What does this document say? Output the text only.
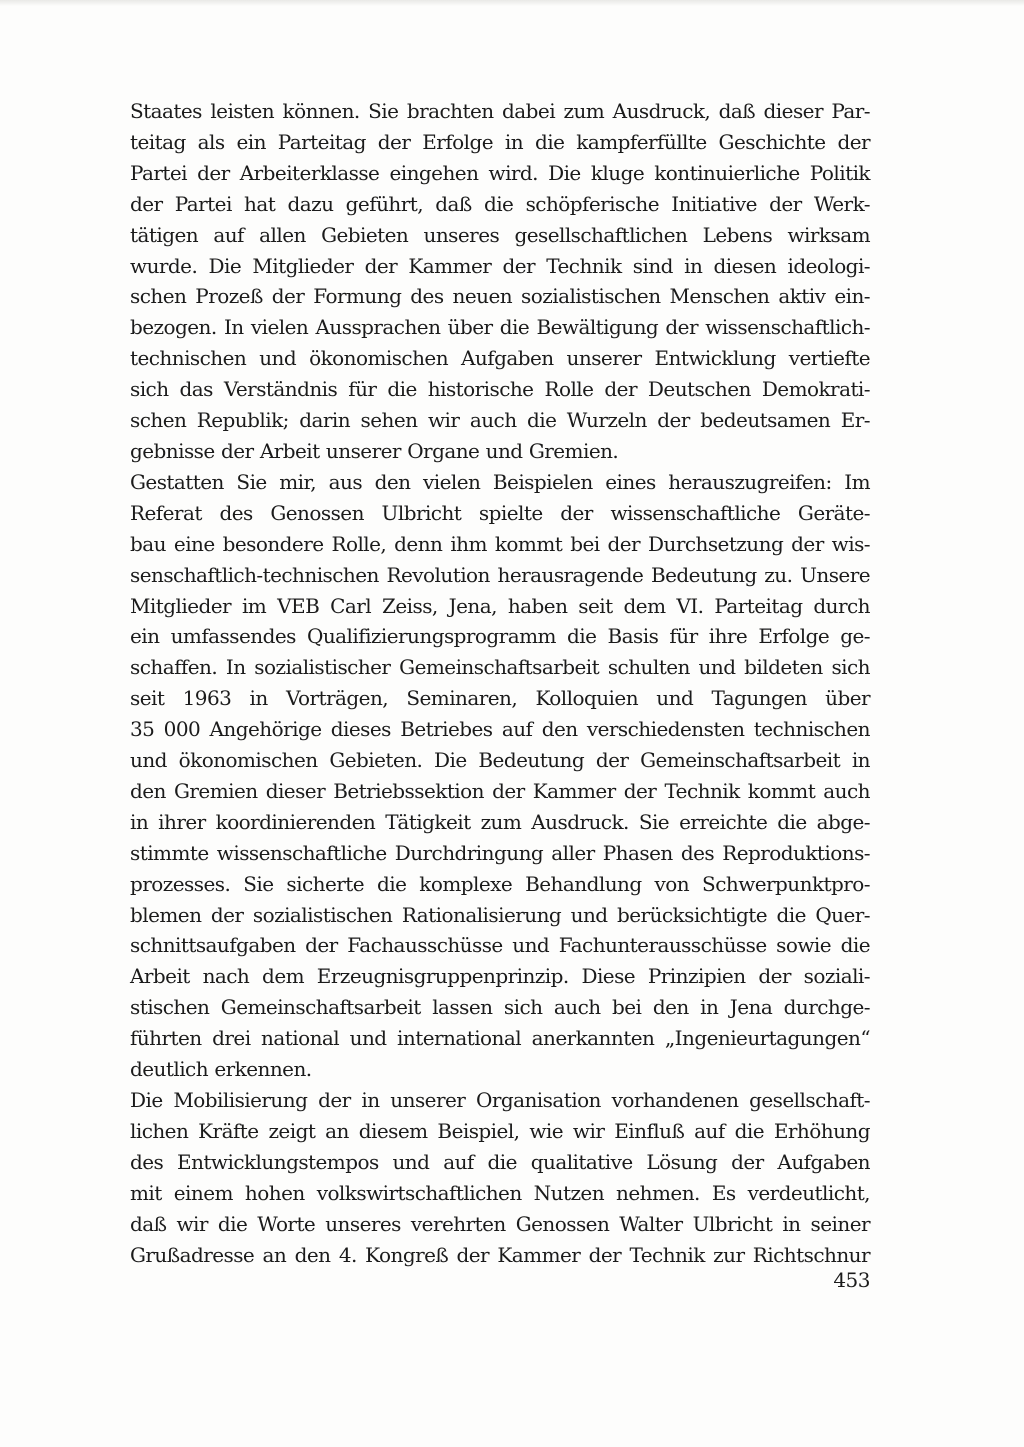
Staates leisten können. Sie brachten dabei zum Ausdruck, daß dieser Par-
teitag als ein Parteitag der Erfolge in die kampferfüllte Geschichte der
Partei der Arbeiterklasse eingehen wird. Die kluge kontinuierliche Politik
der Partei hat dazu geführt, daß die schöpferische Initiative der Werk-
tätigen auf allen Gebieten unseres gesellschaftlichen Lebens wirksam
wurde. Die Mitglieder der Kammer der Technik sind in diesen ideologi-
schen Prozeß der Formung des neuen sozialistischen Menschen aktiv ein-
bezogen. In vielen Aussprachen über die Bewältigung der wissenschaftlich-
technischen und ökonomischen Aufgaben unserer Entwicklung vertiefte
sich das Verständnis für die historische Rolle der Deutschen Demokrati-
schen Republik; darin sehen wir auch die Wurzeln der bedeutsamen Er-
gebnisse der Arbeit unserer Organe und Gremien.
Gestatten Sie mir, aus den vielen Beispielen eines herauszugreifen: Im
Referat des Genossen Ulbricht spielte der wissenschaftliche Geräte-
bau eine besondere Rolle, denn ihm kommt bei der Durchsetzung der wis-
senschaftlich-technischen Revolution herausragende Bedeutung zu. Unsere
Mitglieder im VEB Carl Zeiss, Jena, haben seit dem VI. Parteitag durch
ein umfassendes Qualifizierungsprogramm die Basis für ihre Erfolge ge-
schaffen. In sozialistischer Gemeinschaftsarbeit schulten und bildeten sich
seit 1963 in Vorträgen, Seminaren, Kolloquien und Tagungen über
35 000 Angehörige dieses Betriebes auf den verschiedensten technischen
und ökonomischen Gebieten. Die Bedeutung der Gemeinschaftsarbeit in
den Gremien dieser Betriebssektion der Kammer der Technik kommt auch
in ihrer koordinierenden Tätigkeit zum Ausdruck. Sie erreichte die abge-
stimmte wissenschaftliche Durchdringung aller Phasen des Reproduktions-
prozesses. Sie sicherte die komplexe Behandlung von Schwerpunktpro-
blemen der sozialistischen Rationalisierung und berücksichtigte die Quer-
schnittsaufgaben der Fachausschüsse und Fachunterausschüsse sowie die
Arbeit nach dem Erzeugnisgruppenprinzip. Diese Prinzipien der soziali-
stischen Gemeinschaftsarbeit lassen sich auch bei den in Jena durchge-
führten drei national und international anerkannten „Ingenieurtagungen“
deutlich erkennen.
Die Mobilisierung der in unserer Organisation vorhandenen gesellschaft-
lichen Kräfte zeigt an diesem Beispiel, wie wir Einfluß auf die Erhöhung
des Entwicklungstempos und auf die qualitative Lösung der Aufgaben
mit einem hohen volkswirtschaftlichen Nutzen nehmen. Es verdeutlicht,
daß wir die Worte unseres verehrten Genossen Walter Ulbricht in seiner
Grußadresse an den 4. Kongreß der Kammer der Technik zur Richtschnur
453
